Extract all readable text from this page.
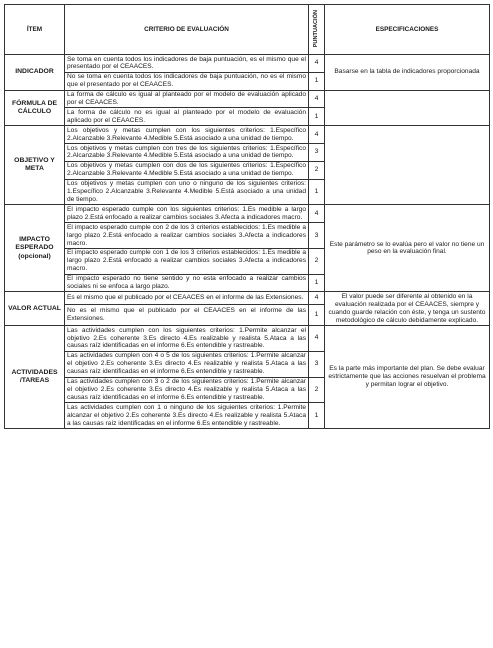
ÍTEM	CRITERIO DE EVALUACIÓN	PUNTUACIÓN	ESPECIFICACIONES
INDICADOR	Se toma en cuenta todos los indicadores de baja puntuación, es el mismo que el presentado por el CEAACES.	4	Basarse en la tabla de indicadores proporcionada
	No se toma en cuenta todos los indicadores de baja puntuación, no es el mismo que el presentado por el CEAACES.	1	
FÓRMULA DE CÁLCULO	La forma de cálculo es igual al planteado por el modelo de evaluación aplicado por el CEAACES.	4	
	La forma de cálculo no es igual al planteado por el modelo de evaluación aplicado por el CEAACES.	1	
OBJETIVO Y META	Los objetivos y metas cumplen con los siguientes criterios: 1.Específico 2.Alcanzable 3.Relevante 4.Medible 5.Está asociado a una unidad de tiempo.	4	
	Los objetivos y metas cumplen con tres de los siguientes criterios: 1.Específico 2.Alcanzable 3.Relevante 4.Medible 5.Está asociado a una unidad de tiempo.	3	
	Los objetivos y metas cumplen con dos de los siguientes criterios: 1.Específico 2.Alcanzable 3.Relevante 4.Medible 5.Está asociado a una unidad de tiempo.	2	
	Los objetivos y metas cumplen con uno o ninguno de los siguientes criterios: 1.Específico 2.Alcanzable 3.Relevante 4.Medible 5.Está asociado a una unidad de tiempo.	1	
IMPACTO ESPERADO (opcional)	El impacto esperado cumple con los siguientes criterios: 1.Es medible a largo plazo 2.Está enfocado a realizar cambios sociales 3.Afecta a indicadores macro.	4	Este parámetro se lo evalúa pero el valor no tiene un peso en la evaluación final.
	El impacto esperado cumple con 2 de los 3 criterios establecidos: 1.Es medible a largo plazo 2.Está enfocado a realizar cambios sociales 3.Afecta a indicadores macro.	3	
	El impacto esperado cumple con 1 de los 3 criterios establecidos: 1.Es medible a largo plazo 2.Está enfocado a realizar cambios sociales 3.Afecta a indicadores macro.	2	
	El impacto esperado no tiene sentido y no esta enfocado a realizar cambios sociales ni se enfoca a largo plazo.	1	
VALOR ACTUAL	Es el mismo que el publicado por el CEAACES en el informe de las Extensiones.	4	El valor puede ser diferente al obtenido en la evaluación realizada por el CEAACES, siempre y cuando guarde relación con éste, y tenga un sustento metodológico de cálculo debidamente explicado.
	No es el mismo que el publicado por el CEAACES en el informe de las Extensiones.	1	
ACTIVIDADES /TAREAS	Las actividades cumplen con los siguientes criterios: 1.Permite alcanzar el objetivo 2.Es coherente 3.Es directo 4.Es realizable y realista 5.Ataca a las causas raíz identificadas en el informe 6.Es entendible y rastreable.	4	Es la parte más importante del plan. Se debe evaluar estrictamente que las acciones resuelvan el problema y permitan lograr el objetivo.
	Las actividades cumplen con 4 o 5 de los siguientes criterios: 1.Permite alcanzar el objetivo 2.Es coherente 3.Es directo 4.Es realizable y realista 5.Ataca a las causas raíz identificadas en el informe 6.Es entendible y rastreable.	3	
	Las actividades cumplen con 3 o 2 de los siguientes criterios: 1.Permite alcanzar el objetivo 2.Es coherente 3.Es directo 4.Es realizable y realista 5.Ataca a las causas raíz identificadas en el informe 6.Es entendible y rastreable.	2	
	Las actividades cumplen con 1 o ninguno de los siguientes criterios: 1.Permite alcanzar el objetivo 2.Es coherente 3.Es directo 4.Es realizable y realista 5.Ataca a las causas raíz identificadas en el informe 6.Es entendible y rastreable.	1	
